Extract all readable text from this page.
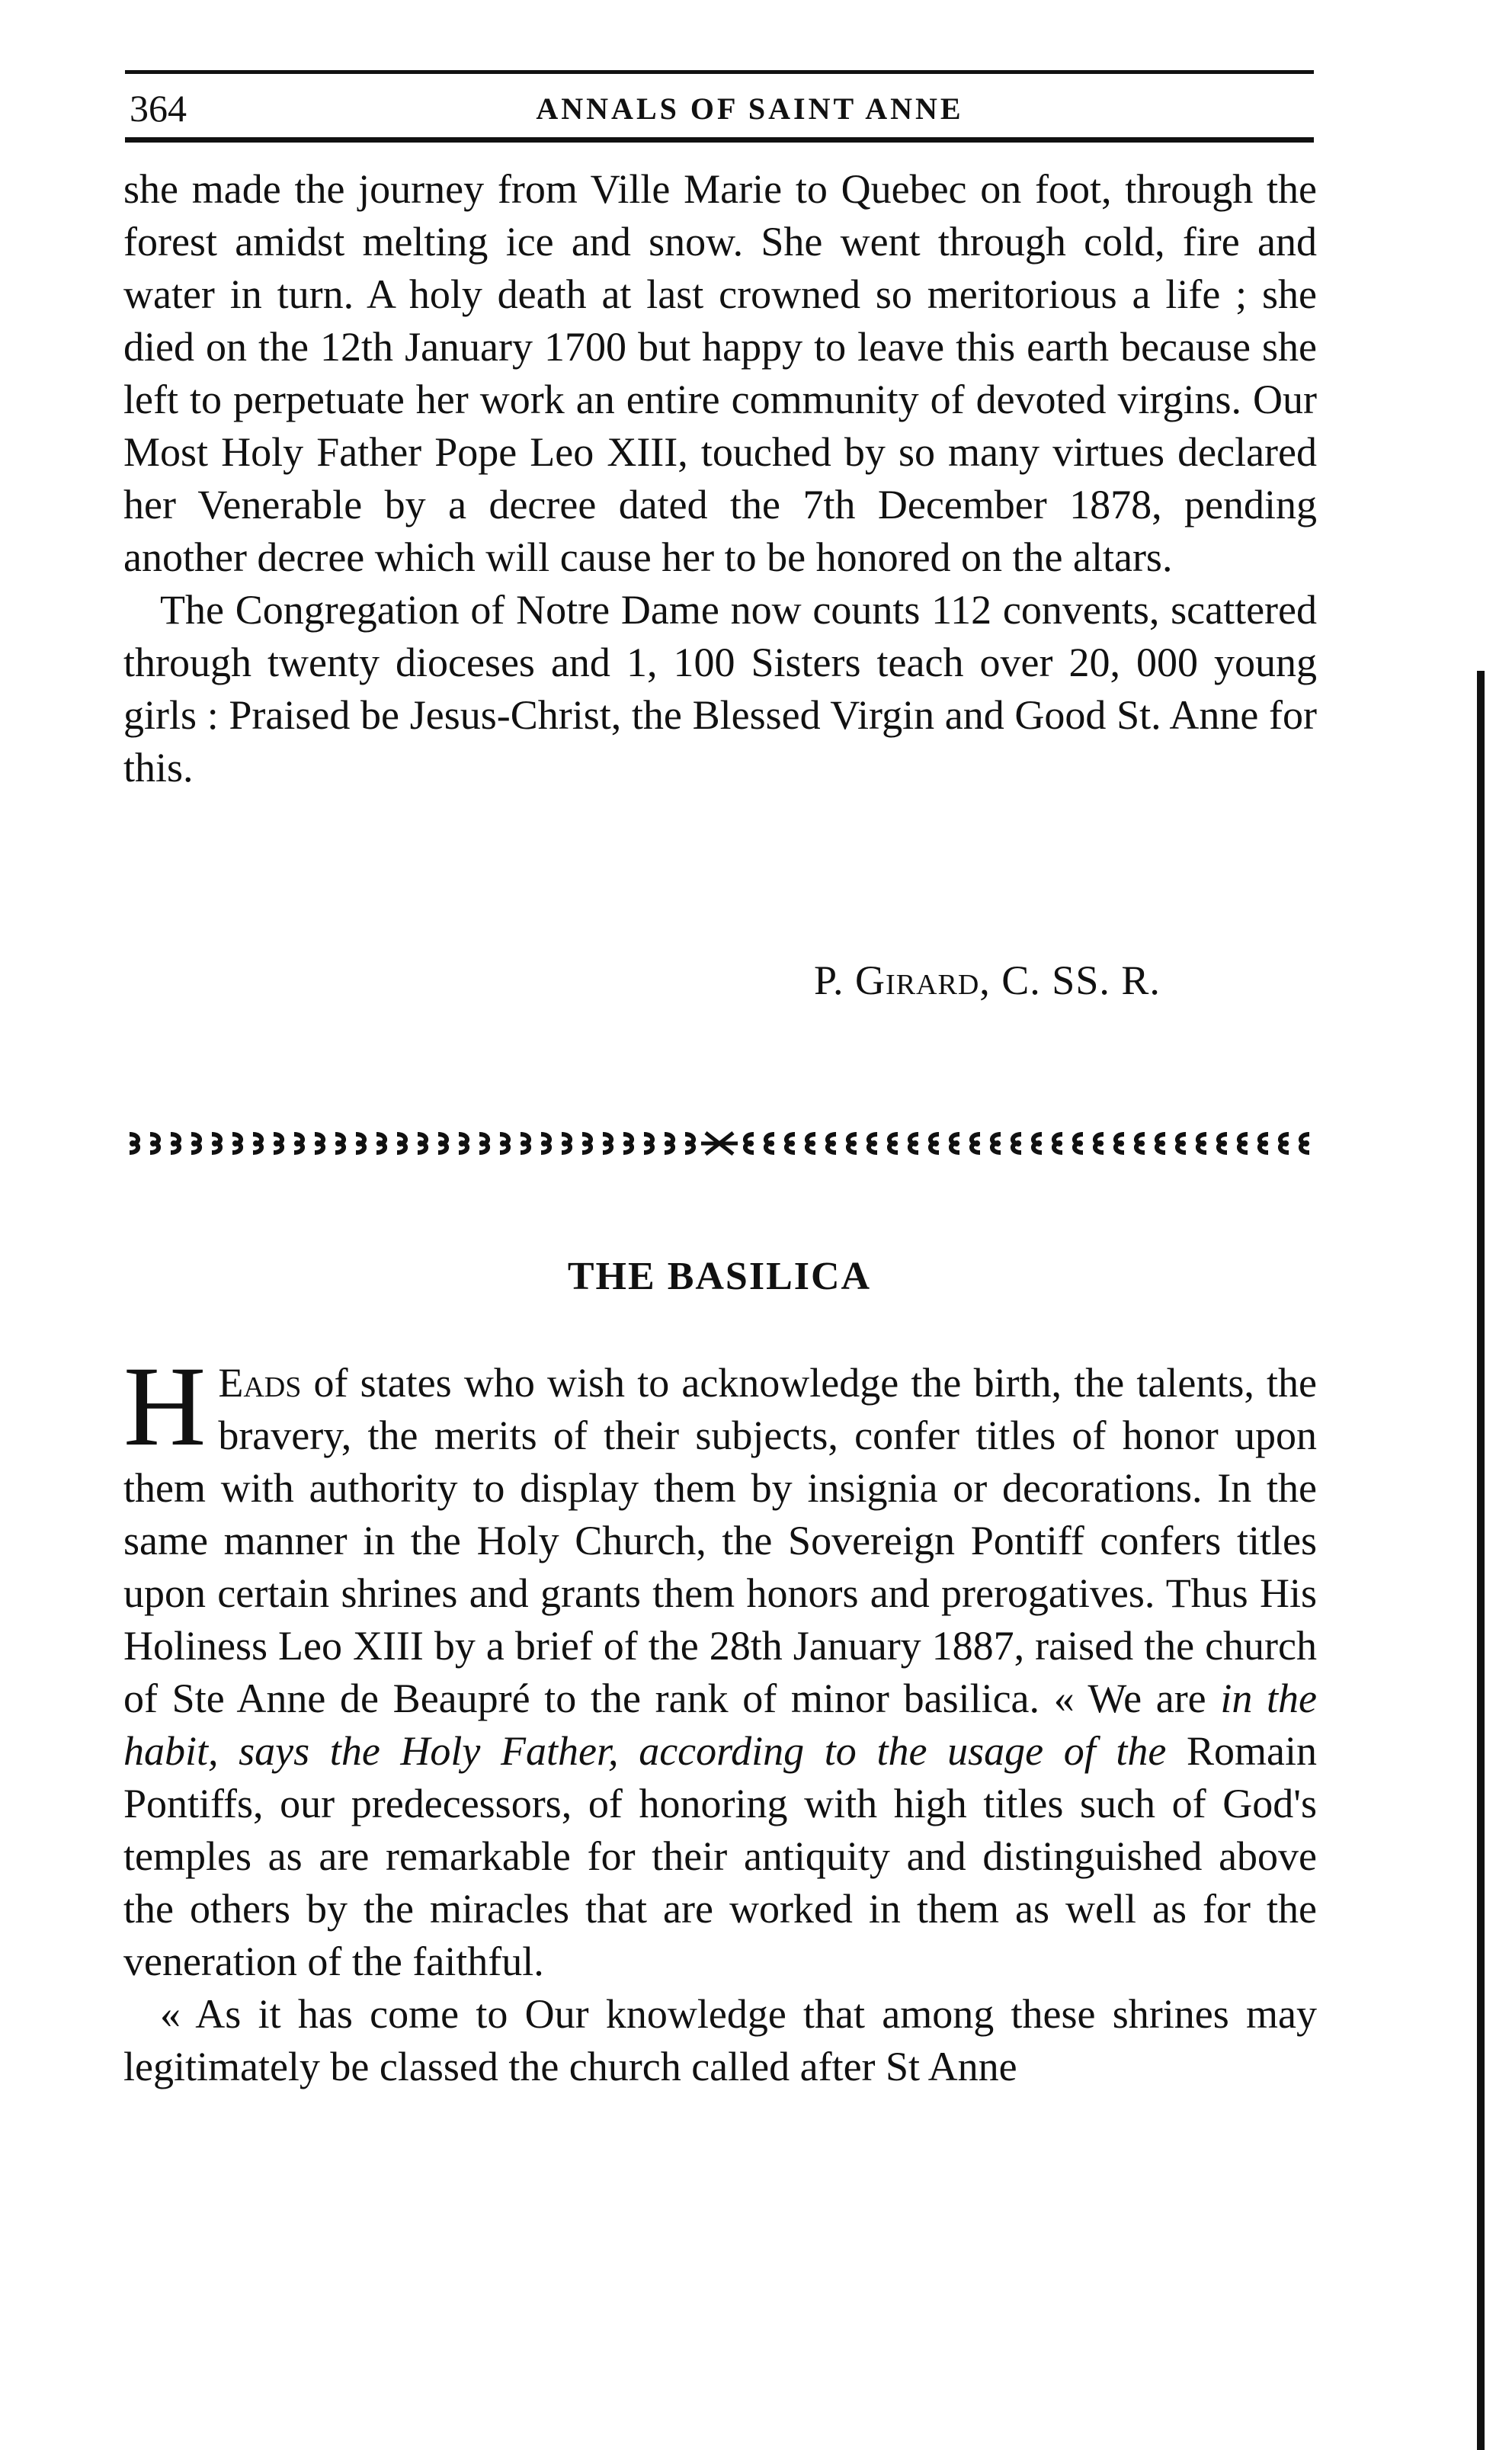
364	ANNALS OF SAINT ANNE

she made the journey from Ville Marie to Quebec on foot, through the forest amidst melting ice and snow. She went through cold, fire and water in turn. A holy death at last crowned so meritorious a life ; she died on the 12th January 1700 but happy to leave this earth because she left to perpetuate her work an entire community of devoted virgins. Our Most Holy Father Pope Leo XIII, touched by so many virtues declared her Venerable by a decree dated the 7th December 1878, pending another decree which will cause her to be honored on the altars.

The Congregation of Notre Dame now counts 112 convents, scattered through twenty dioceses and 1, 100 Sisters teach over 20, 000 young girls : Praised be Jesus-Christ, the Blessed Virgin and Good St. Anne for this.

P. Girard, C. SS. R.
THE BASILICA

H Eads of states who wish to acknowledge the birth, the talents, the bravery, the merits of their subjects, confer titles of honor upon them with authority to display them by insignia or decorations. In the same manner in the Holy Church, the Sovereign Pontiff confers titles upon certain shrines and grants them honors and prerogatives. Thus His Holiness Leo XIII by a brief of the 28th January 1887, raised the church of Ste Anne de Beaupré to the rank of minor basilica. « We are in the habit, says the Holy Father, according to the usage of the Romain Pontiffs, our predecessors, of honoring with high titles such of God's temples as are remarkable for their antiquity and distinguished above the others by the miracles that are worked in them as well as for the veneration of the faithful.

« As it has come to Our knowledge that among these shrines may legitimately be classed the church called after St Anne
